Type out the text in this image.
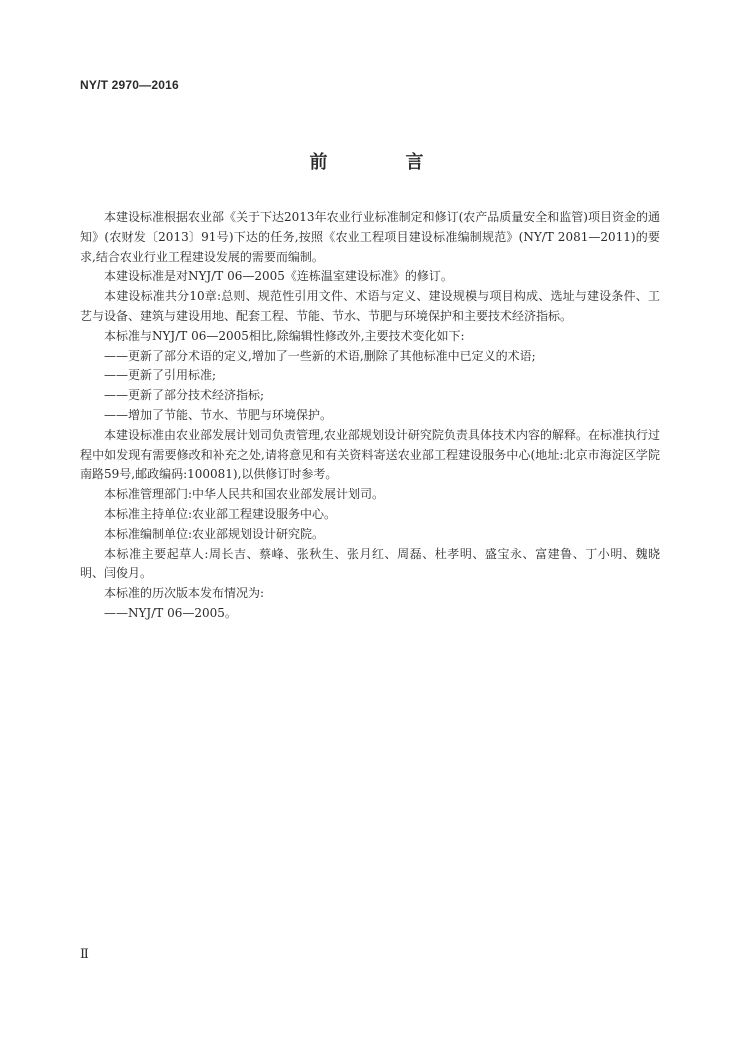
NY/T 2970—2016
前　言

本建设标准根据农业部《关于下达2013年农业行业标准制定和修订(农产品质量安全和监管)项目资金的通知》(农财发〔2013〕91号)下达的任务,按照《农业工程项目建设标准编制规范》(NY/T 2081—2011)的要求,结合农业行业工程建设发展的需要而编制。

本建设标准是对NYJ/T 06—2005《连栋温室建设标准》的修订。

本建设标准共分10章:总则、规范性引用文件、术语与定义、建设规模与项目构成、选址与建设条件、工艺与设备、建筑与建设用地、配套工程、节能、节水、节肥与环境保护和主要技术经济指标。

本标准与NYJ/T 06—2005相比,除编辑性修改外,主要技术变化如下:

——更新了部分术语的定义,增加了一些新的术语,删除了其他标准中已定义的术语;

——更新了引用标准;

——更新了部分技术经济指标;

——增加了节能、节水、节肥与环境保护。

本建设标准由农业部发展计划司负责管理,农业部规划设计研究院负责具体技术内容的解释。在标准执行过程中如发现有需要修改和补充之处,请将意见和有关资料寄送农业部工程建设服务中心(地址:北京市海淀区学院南路59号,邮政编码:100081),以供修订时参考。

本标准管理部门:中华人民共和国农业部发展计划司。

本标准主持单位:农业部工程建设服务中心。

本标准编制单位:农业部规划设计研究院。

本标准主要起草人:周长吉、蔡峰、张秋生、张月红、周磊、杜孝明、盛宝永、富建鲁、丁小明、魏晓明、闫俊月。

本标准的历次版本发布情况为:

——NYJ/T 06—2005。

Ⅱ
